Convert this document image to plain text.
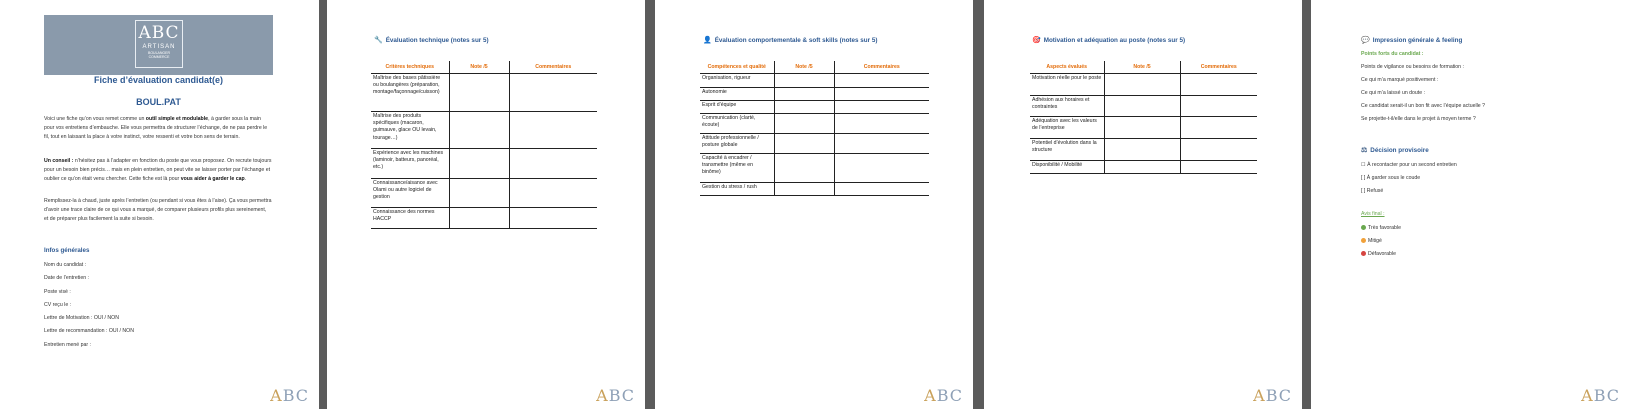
ABC
ARTISAN
BOULANGER
COMMERCE
Fiche d’évaluation candidat(e)
BOUL.PAT
Voici une fiche qu’on vous remet comme un outil simple et modulable, à garder sous la main pour vos entretiens d’embauche. Elle vous permettra de structurer l’échange, de ne pas perdre le fil, tout en laissant la place à votre instinct, votre ressenti et votre bon sens de terrain.
Un conseil : n’hésitez pas à l’adapter en fonction du poste que vous proposez. On recrute toujours pour un besoin bien précis… mais en plein entretien, on peut vite se laisser porter par l’échange et oublier ce qu’on était venu chercher. Cette fiche est là pour vous aider à garder le cap.
Remplissez-la à chaud, juste après l’entretien (ou pendant si vous êtes à l’aise). Ça vous permettra d’avoir une trace claire de ce qui vous a marqué, de comparer plusieurs profils plus sereinement, et de préparer plus facilement la suite si besoin.
Infos générales
Nom du candidat :
Date de l’entretien :
Poste visé :
CV reçu le :
Lettre de Motivation : OUI / NON
Lettre de recommandation : OUI / NON
Entretien mené par :
ABC
🔧 Évaluation technique (notes sur 5)
Critères techniques	Note /5	Commentaires
Maîtrise des bases pâtissière ou boulangères (préparation, montage/façonnage/cuisson)		
Maîtrise des produits spécifiques (macaron, guimauve, glace OU levain, tourage…)		
Expérience avec les machines (laminoir, batteurs, panoréal, etc.)		
Connaissance/aisance avec Olami ou autre logiciel de gestion		
Connaissance des normes HACCP		
ABC
👤 Évaluation comportementale & soft skills (notes sur 5)
Compétences et qualité	Note /5	Commentaires
Organisation, rigueur		
Autonomie		
Esprit d’équipe		
Communication (clarté, écoute)		
Attitude professionnelle / posture globale		
Capacité à encadrer / transmettre (même en binôme)		
Gestion du stress / rush		
ABC
🎯 Motivation et adéquation au poste (notes sur 5)
Aspects évalués	Note /5	Commentaires
Motivation réelle pour le poste		
Adhésion aux horaires et contraintes		
Adéquation avec les valeurs de l’entreprise		
Potentiel d’évolution dans la structure		
Disponibilité / Mobilité		
ABC
💬 Impression générale & feeling
Points forts du candidat :
Points de vigilance ou besoins de formation :
Ce qui m’a marqué positivement :
Ce qui m’a laissé un doute :
Ce candidat serait-il un bon fit avec l’équipe actuelle ?
Se projette-t-il/elle dans le projet à moyen terme ?
⚖ Décision provisoire
☐ À recontacter pour un second entretien
[ ] À garder sous le coude
[ ] Refusé
Avis final :
Très favorable
Mitigé
Défavorable
ABC
